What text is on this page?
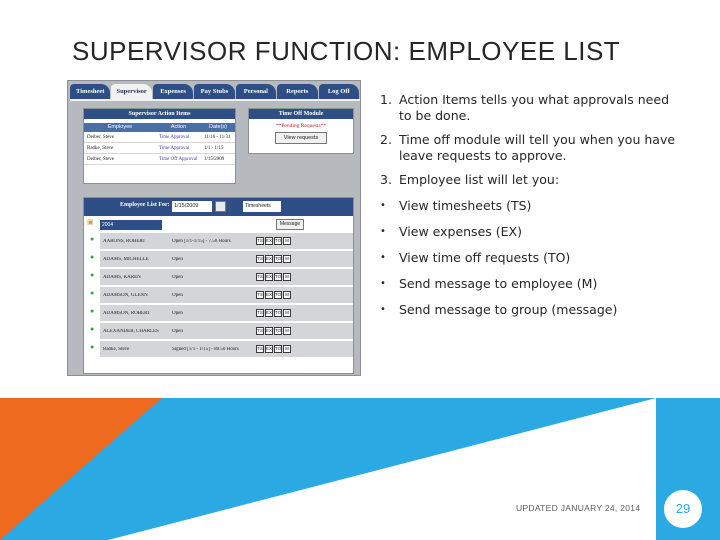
SUPERVISOR FUNCTION: EMPLOYEE LIST
Timesheet	Supervisor	Expenses	Pay Stubs	Personal	Reports	Log Off
Supervisor Action Items
Employee	Action	Date(s)
Deiber, Steve	Time Approval	11/16 - 11/31
Badke, Steve	Time Approval	1/1 - 1/15
Deiber, Steve	Time Off Approval	1/15/2009
Time Off Module
**Pending Requests**
View requests
Employee List For: 1/15/2009	Timesheets
▣
●
●
●
●
●
●
●
2004	Message
AARONS, ROBERT	Open [1/1-1/15] - 7.50 Hours	TS EX TO M
ADAMS, MICHELLE	Open	TS EX TO M
ADAMS, KAREN	Open	TS EX TO M
ADAMSON, GLENN	Open	TS EX TO M
ADAMSON, ROBERT	Open	TS EX TO M
ALEXANDER, CHARLES	Open	TS EX TO M
Badke, Steve	Signed [1/1 - 1/15] - 80.50 Hours	TS EX TO M
1. Action Items tells you what approvals need to be done.
2. Time off module will tell you when you have leave requests to approve.
3. Employee list will let you:
• View timesheets (TS)
• View expenses (EX)
• View time off requests (TO)
• Send message to employee (M)
• Send message to group (message)
UPDATED JANUARY 24, 2014	29
